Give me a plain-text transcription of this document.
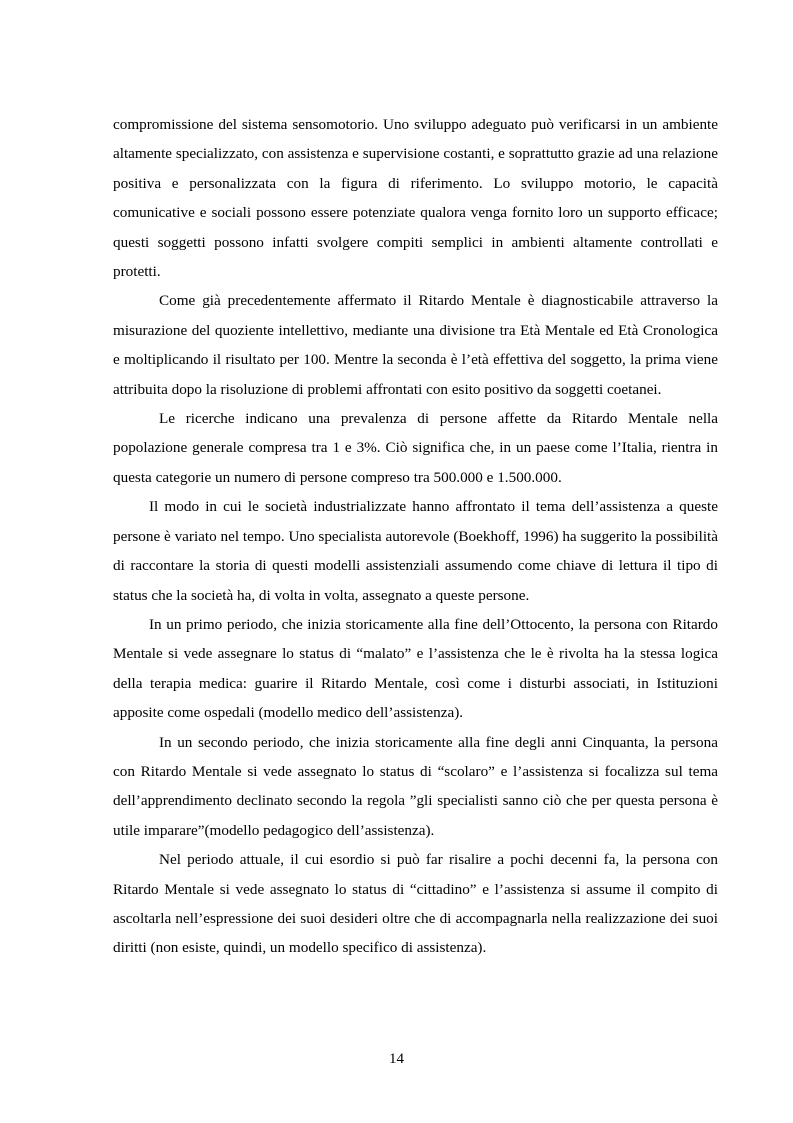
compromissione del sistema sensomotorio. Uno sviluppo adeguato può verificarsi in un ambiente altamente specializzato, con assistenza e supervisione costanti, e soprattutto grazie ad una relazione positiva e personalizzata con la figura di riferimento. Lo sviluppo motorio, le capacità comunicative e sociali possono essere potenziate qualora venga fornito loro un supporto efficace; questi soggetti possono infatti svolgere compiti semplici in ambienti altamente controllati e protetti.

Come già precedentemente affermato il Ritardo Mentale è diagnosticabile attraverso la misurazione del quoziente intellettivo, mediante una divisione tra Età Mentale ed Età Cronologica e moltiplicando il risultato per 100. Mentre la seconda è l’età effettiva del soggetto, la prima viene attribuita dopo la risoluzione di problemi affrontati con esito positivo da soggetti coetanei.

Le ricerche indicano una prevalenza di persone affette da Ritardo Mentale nella popolazione generale compresa tra 1 e 3%. Ciò significa che, in un paese come l’Italia, rientra in questa categorie un numero di persone compreso tra 500.000 e 1.500.000.

Il modo in cui le società industrializzate hanno affrontato il tema dell’assistenza a queste persone è variato nel tempo. Uno specialista autorevole (Boekhoff, 1996) ha suggerito la possibilità di raccontare la storia di questi modelli assistenziali assumendo come chiave di lettura il tipo di status che la società ha, di volta in volta, assegnato a queste persone.

In un primo periodo, che inizia storicamente alla fine dell’Ottocento, la persona con Ritardo Mentale si vede assegnare lo status di “malato” e l’assistenza che le è rivolta ha la stessa logica della terapia medica: guarire il Ritardo Mentale, così come i disturbi associati, in Istituzioni apposite come ospedali (modello medico dell’assistenza).

In un secondo periodo, che inizia storicamente alla fine degli anni Cinquanta, la persona con Ritardo Mentale si vede assegnato lo status di “scolaro” e l’assistenza si focalizza sul tema dell’apprendimento declinato secondo la regola ”gli specialisti sanno ciò che per questa persona è utile imparare”(modello pedagogico dell’assistenza).

Nel periodo attuale, il cui esordio si può far risalire a pochi decenni fa, la persona con Ritardo Mentale si vede assegnato lo status di “cittadino” e l’assistenza si assume il compito di ascoltarla nell’espressione dei suoi desideri oltre che di accompagnarla nella realizzazione dei suoi diritti (non esiste, quindi, un modello specifico di assistenza).

14
